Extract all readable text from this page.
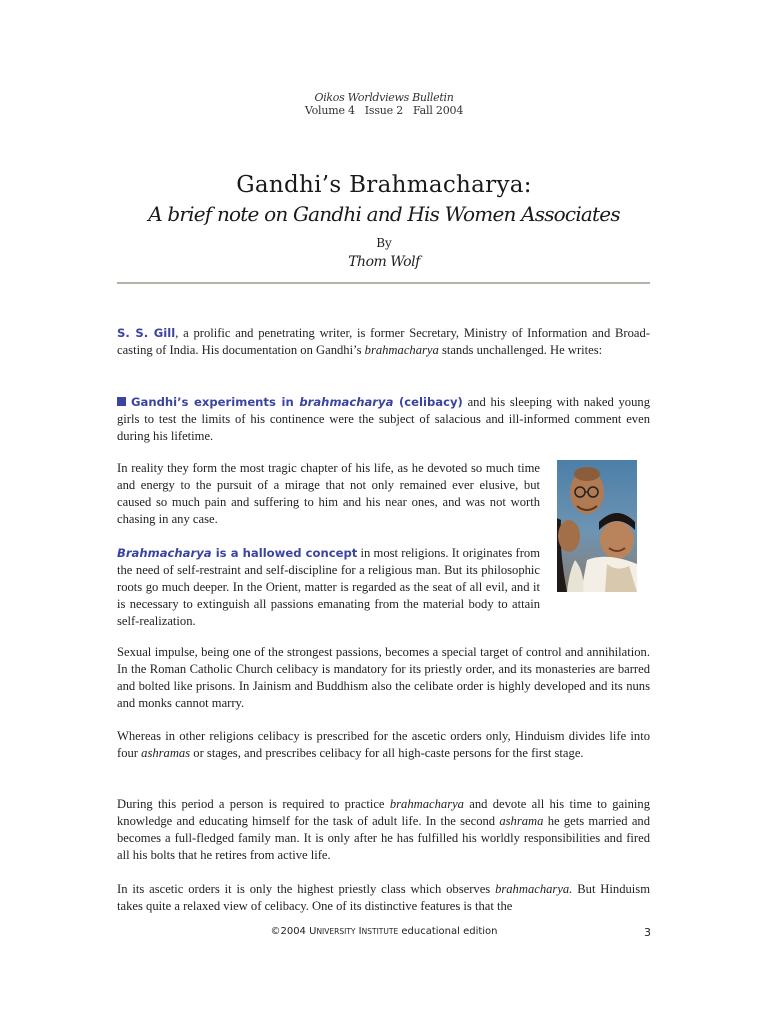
Oikos Worldviews Bulletin
Volume 4   Issue 2   Fall 2004
Gandhi’s Brahmacharya:
A brief note on Gandhi and His Women Associates
By
Thom Wolf

S. S. Gill, a prolific and penetrating writer, is former Secretary, Ministry of Information and Broad- casting of India. His documentation on Gandhi’s brahmacharya stands unchallenged. He writes:

Gandhi’s experiments in brahmacharya (celibacy) and his sleeping with naked young girls to test the limits of his continence were the subject of salacious and ill-informed comment even during his lifetime.

In reality they form the most tragic chapter of his life, as he devoted so much time and energy to the pursuit of a mirage that not only remained ever elusive, but caused so much pain and suffering to him and his near ones, and was not worth chasing in any case.

Brahmacharya is a hallowed concept in most religions. It originates from the need of self-restraint and self-discipline for a religious man. But its philosophic roots go much deeper. In the Orient, matter is regarded as the seat of all evil, and it is necessary to extinguish all passions emanating from the material body to attain self-realization.

Sexual impulse, being one of the strongest passions, becomes a special target of control and annihilation. In the Roman Catholic Church celibacy is mandatory for its priestly order, and its monasteries are barred and bolted like prisons. In Jainism and Buddhism also the celibate order is highly developed and its nuns and monks cannot marry.

Whereas in other religions celibacy is prescribed for the ascetic orders only, Hinduism divides life into four ashramas or stages, and prescribes celibacy for all high-caste persons for the first stage.

During this period a person is required to practice brahmacharya and devote all his time to gaining knowledge and educating himself for the task of adult life. In the second ashrama he gets married and becomes a full-fledged family man. It is only after he has fulfilled his worldly responsibilities and fired all his bolts that he retires from active life.

In its ascetic orders it is only the highest priestly class which observes brahmacharya. But Hinduism takes quite a relaxed view of celibacy. One of its distinctive features is that the

©2004 UNIVERSITY INSTITUTE educational edition	3
